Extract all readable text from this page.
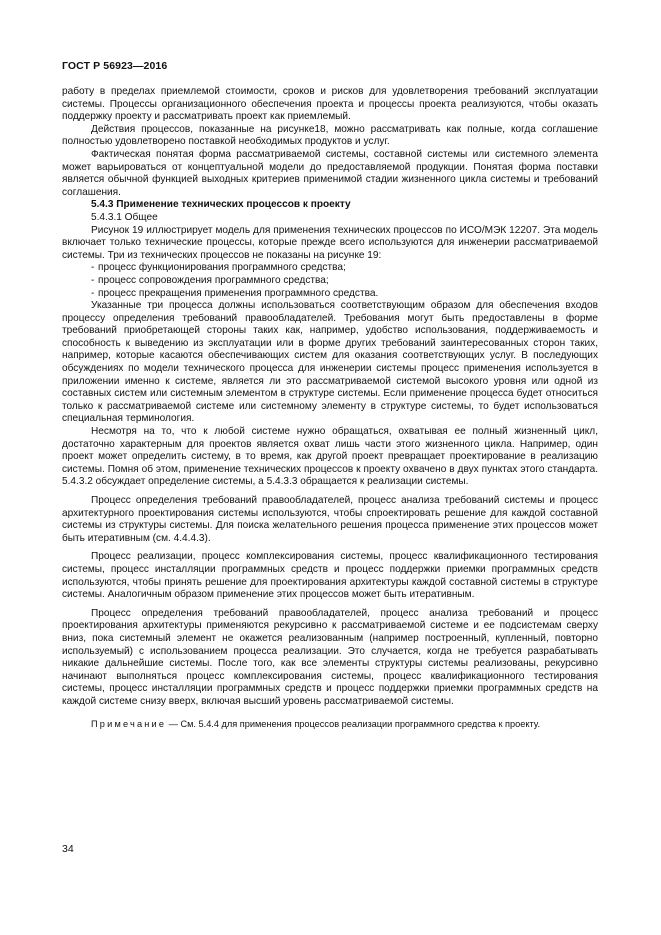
ГОСТ Р 56923—2016

работу в пределах приемлемой стоимости, сроков и рисков для удовлетворения требований эксплуатации системы. Процессы организационного обеспечения проекта и процессы проекта реализуются, чтобы оказать поддержку проекту и рассматривать проект как приемлемый.

Действия процессов, показанные на рисунке18, можно рассматривать как полные, когда соглашение полностью удовлетворено поставкой необходимых продуктов и услуг.

Фактическая понятая форма рассматриваемой системы, составной системы или системного элемента может варьироваться от концептуальной модели до предоставляемой продукции. Понятая форма поставки является обычной функцией выходных критериев применимой стадии жизненного цикла системы и требований соглашения.

5.4.3 Применение технических процессов к проекту
5.4.3.1 Общее

Рисунок 19 иллюстрирует модель для применения технических процессов по ИСО/МЭК 12207. Эта модель включает только технические процессы, которые прежде всего используются для инженерии рассматриваемой системы. Три из технических процессов не показаны на рисунке 19:

- процесс функционирования программного средства;
- процесс сопровождения программного средства;
- процесс прекращения применения программного средства.

Указанные три процесса должны использоваться соответствующим образом для обеспечения входов процессу определения требований правообладателей. Требования могут быть предоставлены в форме требований приобретающей стороны таких как, например, удобство использования, поддерживаемость и способность к выведению из эксплуатации или в форме других требований заинтересованных сторон таких, например, которые касаются обеспечивающих систем для оказания соответствующих услуг. В последующих обсуждениях по модели технического процесса для инженерии системы процесс применения используется в приложении именно к системе, является ли это рассматриваемой системой высокого уровня или одной из составных систем или системным элементом в структуре системы. Если применение процесса будет относиться только к рассматриваемой системе или системному элементу в структуре системы, то будет использоваться специальная терминология.

Несмотря на то, что к любой системе нужно обращаться, охватывая ее полный жизненный цикл, достаточно характерным для проектов является охват лишь части этого жизненного цикла. Например, один проект может определить систему, в то время, как другой проект превращает проектирование в реализацию системы. Помня об этом, применение технических процессов к проекту охвачено в двух пунктах этого стандарта. 5.4.3.2 обсуждает определение системы, а 5.4.3.3 обращается к реализации системы.

Процесс определения требований правообладателей, процесс анализа требований системы и процесс архитектурного проектирования системы используются, чтобы спроектировать решение для каждой составной системы из структуры системы. Для поиска желательного решения процесса применение этих процессов может быть итеративным (см. 4.4.4.3).

Процесс реализации, процесс комплексирования системы, процесс квалификационного тестирования системы, процесс инсталляции программных средств и процесс поддержки приемки программных средств используются, чтобы принять решение для проектирования архитектуры каждой составной системы в структуре системы. Аналогичным образом применение этих процессов может быть итеративным.

Процесс определения требований правообладателей, процесс анализа требований и процесс проектирования архитектуры применяются рекурсивно к рассматриваемой системе и ее подсистемам сверху вниз, пока системный элемент не окажется реализованным (например построенный, купленный, повторно используемый) с использованием процесса реализации. Это случается, когда не требуется разрабатывать никакие дальнейшие системы. После того, как все элементы структуры системы реализованы, рекурсивно начинают выполняться процесс комплексирования системы, процесс квалификационного тестирования системы, процесс инсталляции программных средств и процесс поддержки приемки программных средств на каждой системе снизу вверх, включая высший уровень рассматриваемой системы.

Примечание — См. 5.4.4 для применения процессов реализации программного средства к проекту.

34
